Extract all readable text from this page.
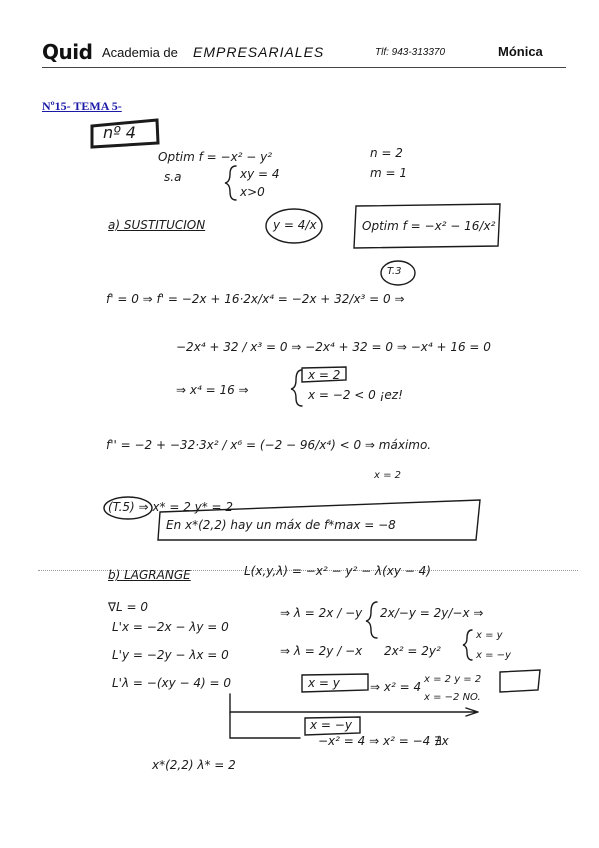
Quid Academia de EMPRESARIALES	Tlf: 943-313370	Mónica
Nº15- TEMA 5-
nº 4
Optim f = −x² − y²
s.a	xy = 4
x>0
n = 2
m = 1
a) SUSTITUCION	y = 4/x	Optim f = −x² − 16/x²
T.3
f' = 0 ⇒ f' = −2x + 16·2x/x⁴ = −2x + 32/x³ = 0 ⇒
−2x⁴ + 32 / x³ = 0 ⇒ −2x⁴ + 32 = 0 ⇒ −x⁴ + 16 = 0
⇒ x⁴ = 16 ⇒
x = 2
x = −2 < 0 ¡ez!
f'' = −2 + −32·3x² / x⁶ = (−2 − 96/x⁴) < 0 ⇒ máximo.
x = 2
(T.5) ⇒ x* = 2 y* = 2
En x*(2,2) hay un máx de f*max = −8
b) LAGRANGE	L(x,y,λ) = −x² − y² − λ(xy − 4)
∇L = 0
L'x = −2x − λy = 0
L'y = −2y − λx = 0
L'λ = −(xy − 4) = 0
⇒ λ = 2x / −y
⇒ λ = 2y / −x
2x/−y = 2y/−x ⇒
2x² = 2y²
x = y
x = −y
x = y	⇒ x² = 4
x = 2 y = 2
x = −2 NO.
x = −y
−x² = 4 ⇒ x² = −4 ∄x
x*(2,2) λ* = 2
